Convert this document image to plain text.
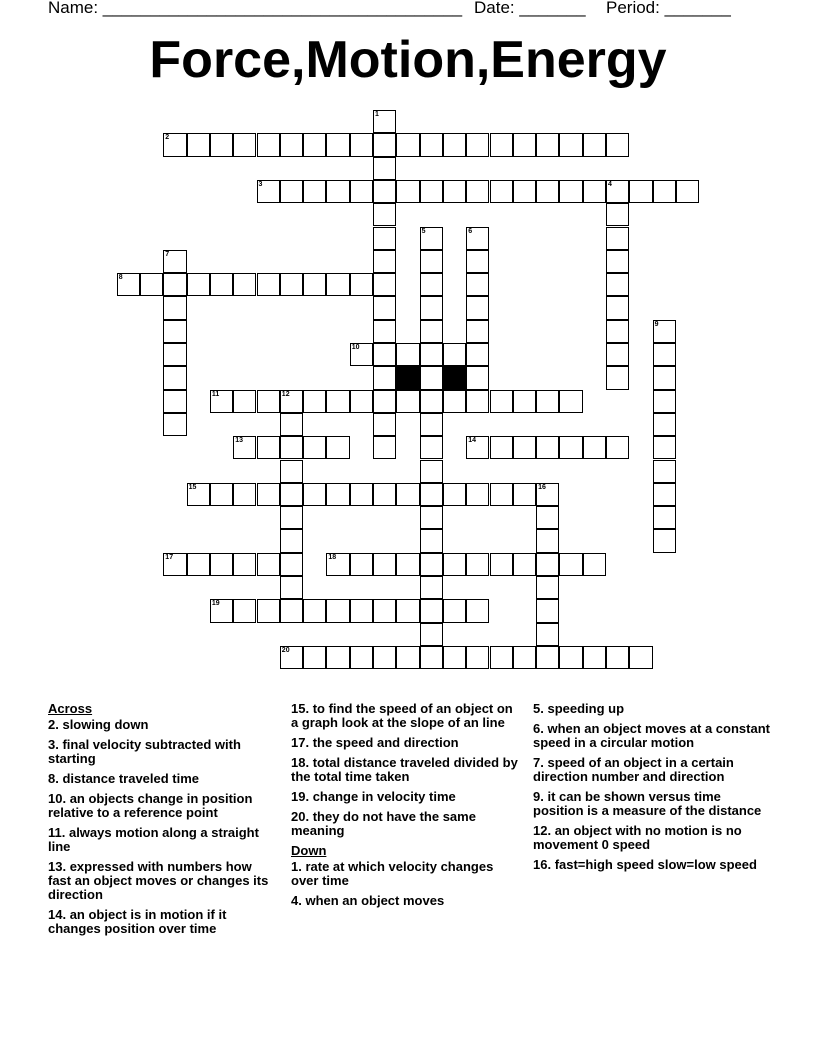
Name: ______________________________________ Date: _______ Period: _______
Force,Motion,Energy
1
2
3	4
5	6
7
8
9
10
11	12
13	14
15	16
17	18
19
20
Across
2. slowing down
3. final velocity subtracted with starting
8. distance traveled time
10. an objects change in position relative to a reference point
11. always motion along a straight line
13. expressed with numbers how fast an object moves or changes its direction
14. an object is in motion if it changes position over time
15. to find the speed of an object on a graph look at the slope of an line
17. the speed and direction
18. total distance traveled divided by the total time taken
19. change in velocity time
20. they do not have the same meaning
Down
1. rate at which velocity changes over time
4. when an object moves
5. speeding up
6. when an object moves at a constant speed in a circular motion
7. speed of an object in a certain direction number and direction
9. it can be shown versus time position is a measure of the distance
12. an object with no motion is no movement 0 speed
16. fast=high speed slow=low speed
